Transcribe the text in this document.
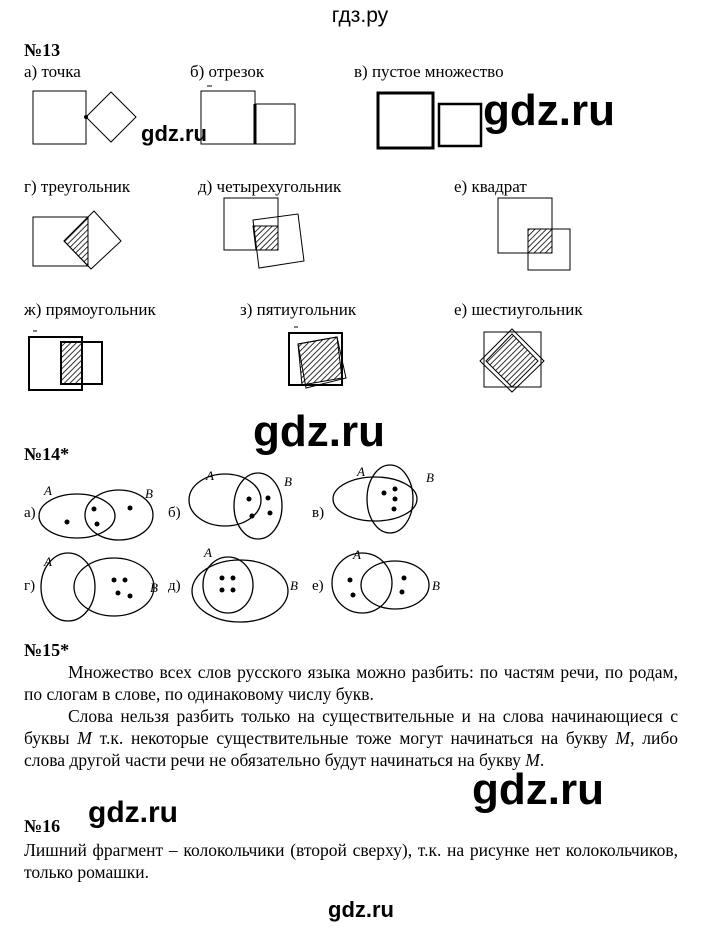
гдз.ру
gdz.ru	gdz.ru
gdz.ru
gdz.ru
gdz.ru
gdz.ru
№13
а) точка	б) отрезок	в) пустое множество
г) треугольник	д) четырехугольник	е) квадрат
ж) прямоугольник	з) пятиугольник	е) шестиугольник
№14*
а)	б)	в)
г)	д)	е)
A	B
A	B
A	B
A
B
A
B
A
B
№15*
Множество всех слов русского языка можно разбить: по частям речи, по родам, по слогам в слове, по одинаковому числу букв.
Слова нельзя разбить только на существительные и на слова начинающиеся с буквы М т.к. некоторые существительные тоже могут начинаться на букву М, либо слова другой части речи не обязательно будут начинаться на букву М.
№16
Лишний фрагмент – колокольчики (второй сверху), т.к. на рисунке нет колокольчиков, только ромашки.
